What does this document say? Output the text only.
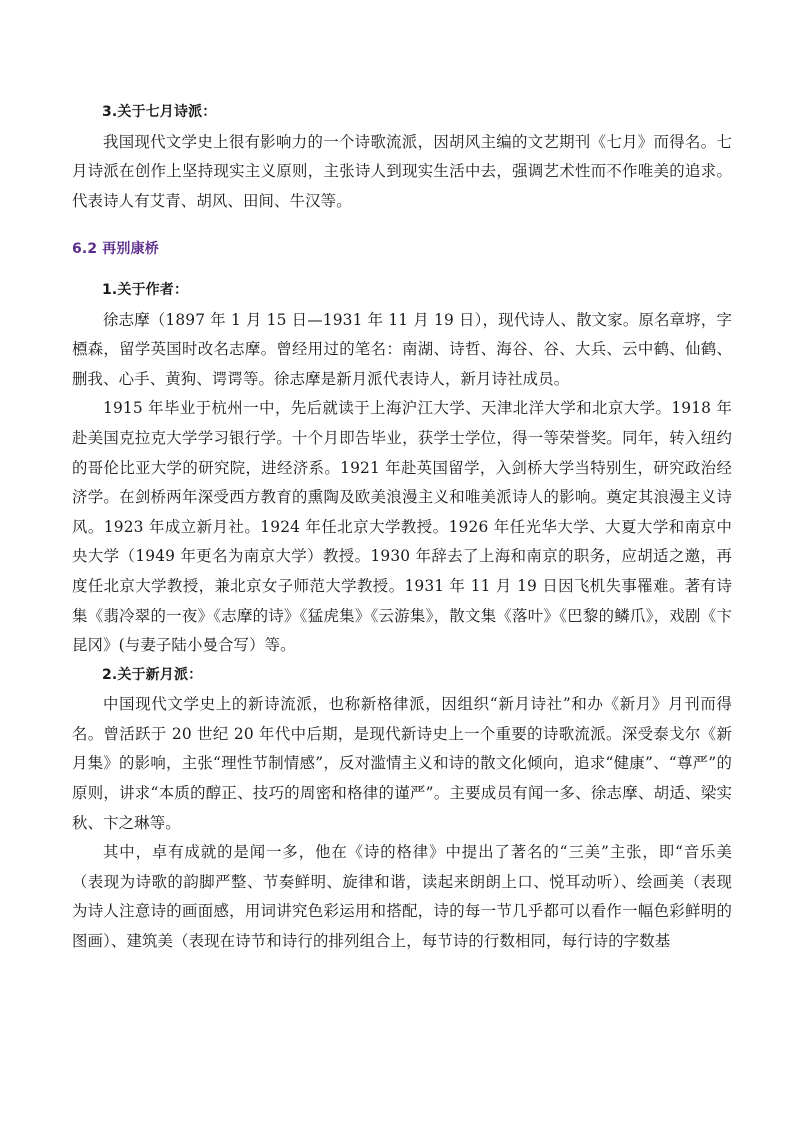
3.关于七月诗派：

我国现代文学史上很有影响力的一个诗歌流派，因胡风主编的文艺期刊《七月》而得名。七月诗派在创作上坚持现实主义原则，主张诗人到现实生活中去，强调艺术性而不作唯美的追求。代表诗人有艾青、胡风、田间、牛汉等。

6.2 再别康桥

1.关于作者：

徐志摩（1897 年 1 月 15 日—1931 年 11 月 19 日），现代诗人、散文家。原名章垿，字槱森，留学英国时改名志摩。曾经用过的笔名：南湖、诗哲、海谷、谷、大兵、云中鹤、仙鹤、删我、心手、黄狗、谔谔等。徐志摩是新月派代表诗人，新月诗社成员。

1915 年毕业于杭州一中，先后就读于上海沪江大学、天津北洋大学和北京大学。1918 年赴美国克拉克大学学习银行学。十个月即告毕业，获学士学位，得一等荣誉奖。同年，转入纽约的哥伦比亚大学的研究院，进经济系。1921 年赴英国留学，入剑桥大学当特别生，研究政治经济学。在剑桥两年深受西方教育的熏陶及欧美浪漫主义和唯美派诗人的影响。奠定其浪漫主义诗风。1923 年成立新月社。1924 年任北京大学教授。1926 年任光华大学、大夏大学和南京中央大学（1949 年更名为南京大学）教授。1930 年辞去了上海和南京的职务，应胡适之邀，再度任北京大学教授，兼北京女子师范大学教授。1931 年 11 月 19 日因飞机失事罹难。著有诗集《翡冷翠的一夜》《志摩的诗》《猛虎集》《云游集》，散文集《落叶》《巴黎的鳞爪》，戏剧《卞昆冈》(与妻子陆小曼合写）等。

2.关于新月派：

中国现代文学史上的新诗流派，也称新格律派，因组织“新月诗社”和办《新月》月刊而得名。曾活跃于 20 世纪 20 年代中后期，是现代新诗史上一个重要的诗歌流派。深受泰戈尔《新月集》的影响，主张“理性节制情感”，反对滥情主义和诗的散文化倾向，追求“健康”、“尊严”的原则，讲求“本质的醇正、技巧的周密和格律的谨严”。主要成员有闻一多、徐志摩、胡适、梁实秋、卞之琳等。

其中，卓有成就的是闻一多，他在《诗的格律》中提出了著名的“三美”主张，即“音乐美（表现为诗歌的韵脚严整、节奏鲜明、旋律和谐，读起来朗朗上口、悦耳动听）、绘画美（表现为诗人注意诗的画面感，用词讲究色彩运用和搭配，诗的每一节几乎都可以看作一幅色彩鲜明的图画）、建筑美（表现在诗节和诗行的排列组合上，每节诗的行数相同，每行诗的字数基
